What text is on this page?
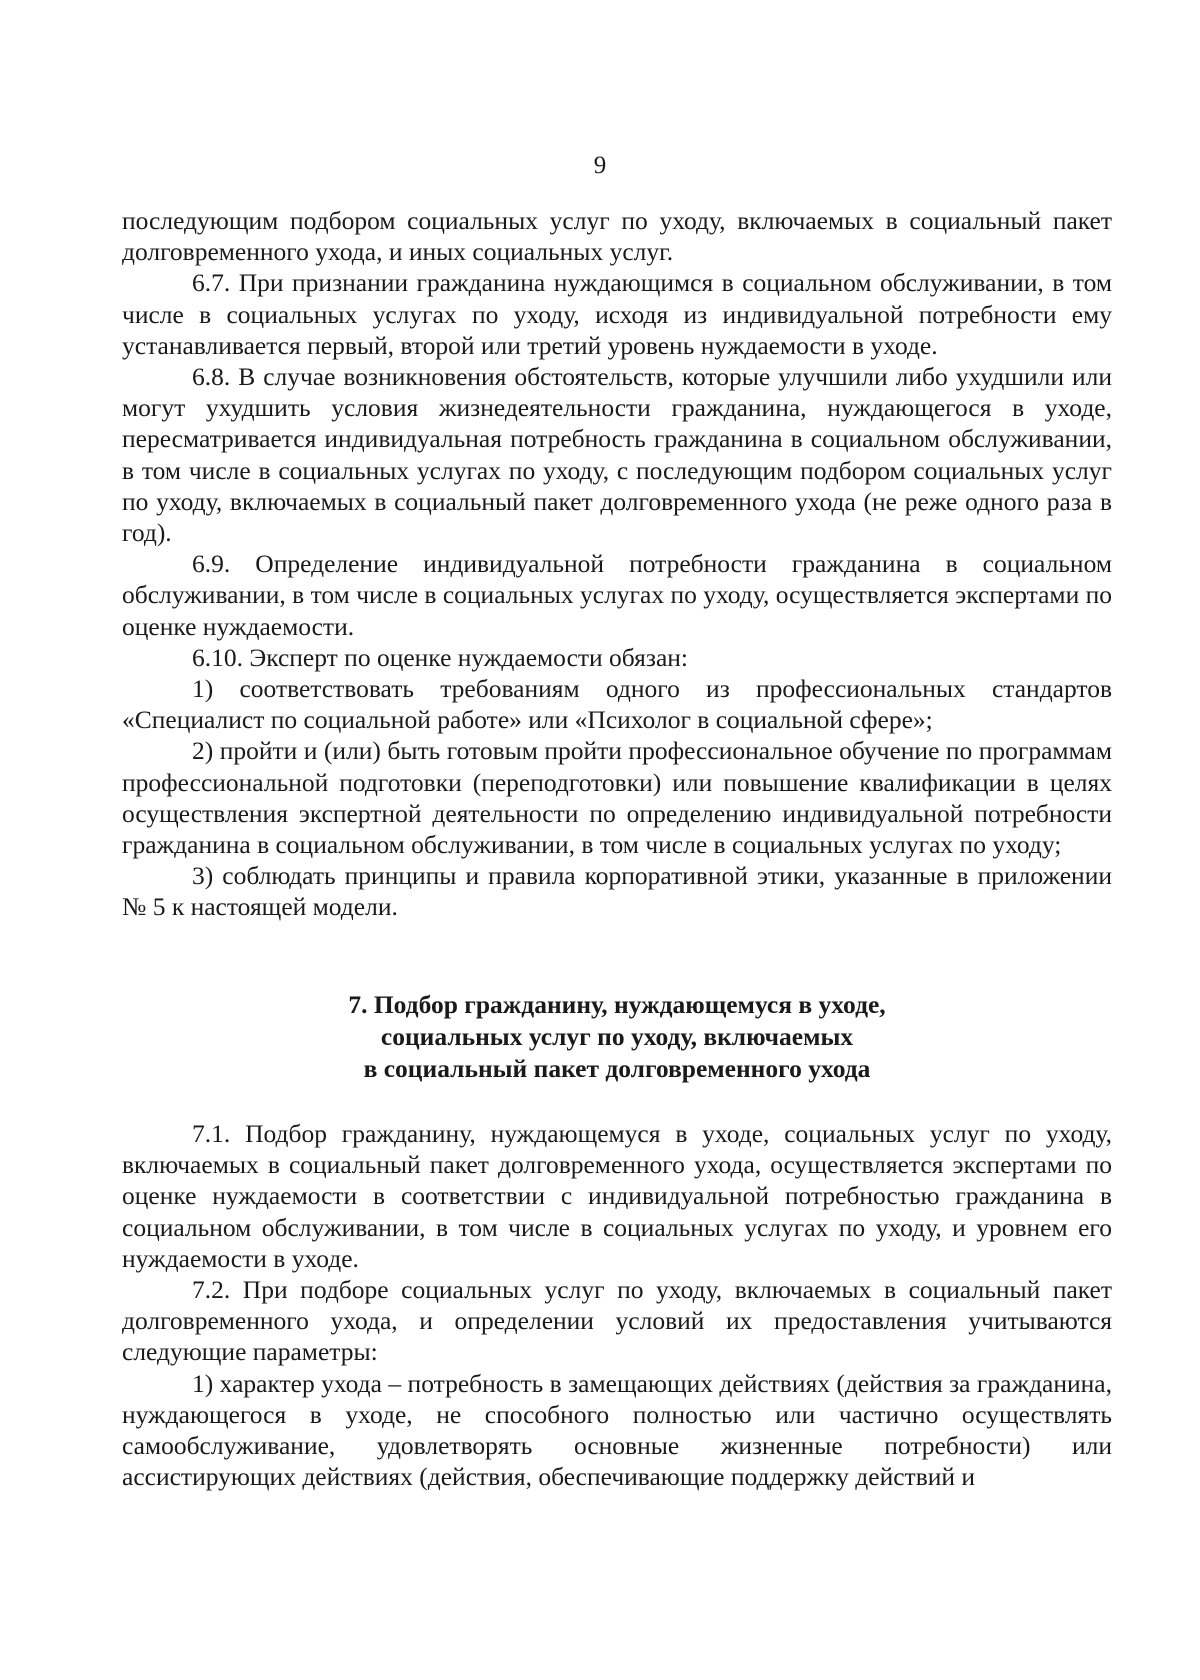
9

последующим подбором социальных услуг по уходу, включаемых в социальный пакет долговременного ухода, и иных социальных услуг.

6.7. При признании гражданина нуждающимся в социальном обслуживании, в том числе в социальных услугах по уходу, исходя из индивидуальной потребности ему устанавливается первый, второй или третий уровень нуждаемости в уходе.

6.8. В случае возникновения обстоятельств, которые улучшили либо ухудшили или могут ухудшить условия жизнедеятельности гражданина, нуждающегося в уходе, пересматривается индивидуальная потребность гражданина в социальном обслуживании, в том числе в социальных услугах по уходу, с последующим подбором социальных услуг по уходу, включаемых в социальный пакет долговременного ухода (не реже одного раза в год).

6.9. Определение индивидуальной потребности гражданина в социальном обслуживании, в том числе в социальных услугах по уходу, осуществляется экспертами по оценке нуждаемости.

6.10. Эксперт по оценке нуждаемости обязан:

1) соответствовать требованиям одного из профессиональных стандартов «Специалист по социальной работе» или «Психолог в социальной сфере»;

2) пройти и (или) быть готовым пройти профессиональное обучение по программам профессиональной подготовки (переподготовки) или повышение квалификации в целях осуществления экспертной деятельности по определению индивидуальной потребности гражданина в социальном обслуживании, в том числе в социальных услугах по уходу;

3) соблюдать принципы и правила корпоративной этики, указанные в приложении № 5 к настоящей модели.

7. Подбор гражданину, нуждающемуся в уходе,
социальных услуг по уходу, включаемых
в социальный пакет долговременного ухода

7.1. Подбор гражданину, нуждающемуся в уходе, социальных услуг по уходу, включаемых в социальный пакет долговременного ухода, осуществляется экспертами по оценке нуждаемости в соответствии с индивидуальной потребностью гражданина в социальном обслуживании, в том числе в социальных услугах по уходу, и уровнем его нуждаемости в уходе.

7.2. При подборе социальных услуг по уходу, включаемых в социальный пакет долговременного ухода, и определении условий их предоставления учитываются следующие параметры:

1) характер ухода – потребность в замещающих действиях (действия за гражданина, нуждающегося в уходе, не способного полностью или частично осуществлять самообслуживание, удовлетворять основные жизненные потребности) или ассистирующих действиях (действия, обеспечивающие поддержку действий и
